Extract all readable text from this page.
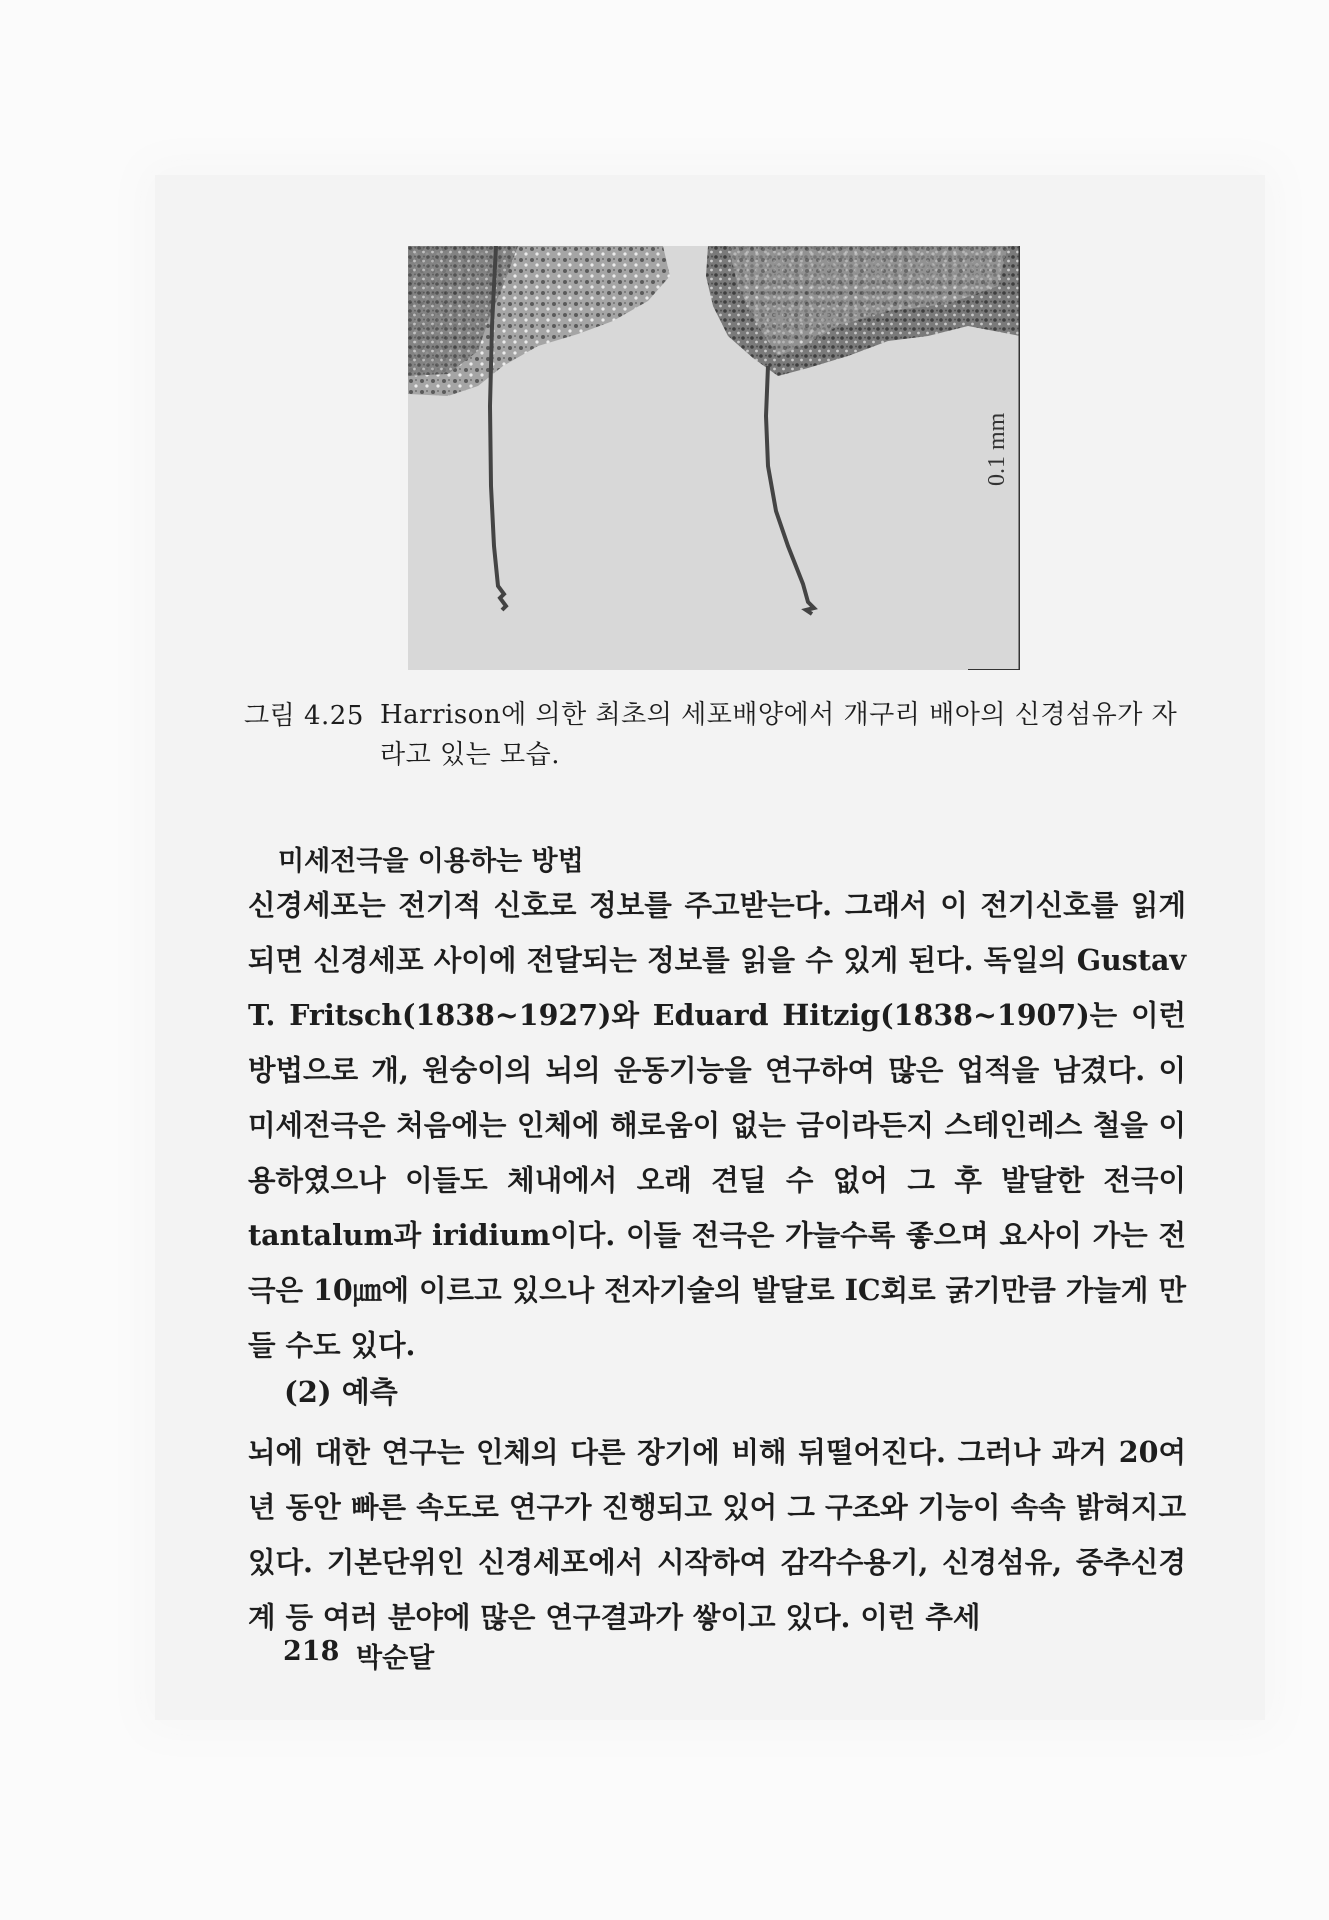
0.1 mm
그림 4.25 Harrison에 의한 최초의 세포배양에서 개구리 배아의 신경섬유가 자라고 있는 모습.
미세전극을 이용하는 방법
신경세포는 전기적 신호로 정보를 주고받는다. 그래서 이 전기신호를 읽게 되면 신경세포 사이에 전달되는 정보를 읽을 수 있게 된다. 독일의 Gustav T. Fritsch(1838~1927)와 Eduard Hitzig(1838~1907)는 이런 방법으로 개, 원숭이의 뇌의 운동기능을 연구하여 많은 업적을 남겼다. 이 미세전극은 처음에는 인체에 해로움이 없는 금이라든지 스테인레스 철을 이용하였으나 이들도 체내에서 오래 견딜 수 없어 그 후 발달한 전극이 tantalum과 iridium이다. 이들 전극은 가늘수록 좋으며 요사이 가는 전극은 10㎛에 이르고 있으나 전자기술의 발달로 IC회로 굵기만큼 가늘게 만들 수도 있다.
(2) 예측
뇌에 대한 연구는 인체의 다른 장기에 비해 뒤떨어진다. 그러나 과거 20여 년 동안 빠른 속도로 연구가 진행되고 있어 그 구조와 기능이 속속 밝혀지고 있다. 기본단위인 신경세포에서 시작하여 감각수용기, 신경섬유, 중추신경계 등 여러 분야에 많은 연구결과가 쌓이고 있다. 이런 추세
218 박순달
